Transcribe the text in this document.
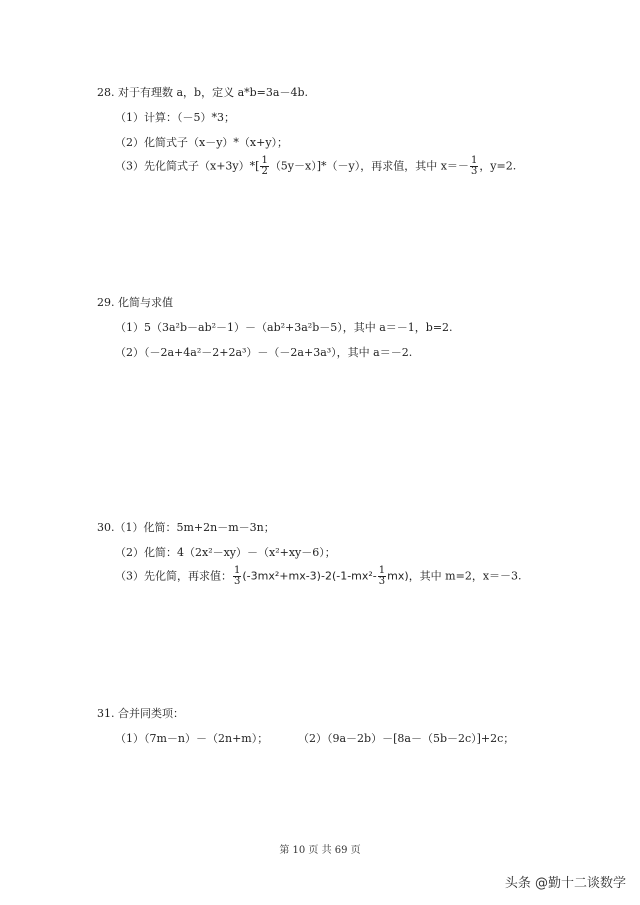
28. 对于有理数 a，b，定义 a*b=3a－4b.
（1）计算：（－5）*3；
（2）化简式子（x－y）*（x+y）；
（3）先化简式子$(x+3y)*[ \frac{1}{2} (5y-x)]*(-y)$，再求值，其中 $x=- \frac{1}{3}$ ，y=2.
29. 化简与求值
（1）5（3a²b－ab²－1）－（ab²+3a²b－5），其中 a＝－1，b=2.
（2）（－2a+4a²－2+2a³）－（－2a+3a³），其中 a＝－2.
30.（1）化简：5m+2n－m－3n；
（2）化简：4（2x²－xy）－（x²+xy－6）；
（3）先化简，再求值： $\frac{1}{3} (-3mx^2+mx-3)-2(-1-mx^2- \frac{1}{3} mx)$，其中 m=2，x＝－3.
31. 合并同类项：
（1）（7m－n）－（2n+m）；	（2）（9a－2b）－[8a－（5b－2c）]+2c；
第 10 页 共 69 页
头条 @勤十二谈数学
